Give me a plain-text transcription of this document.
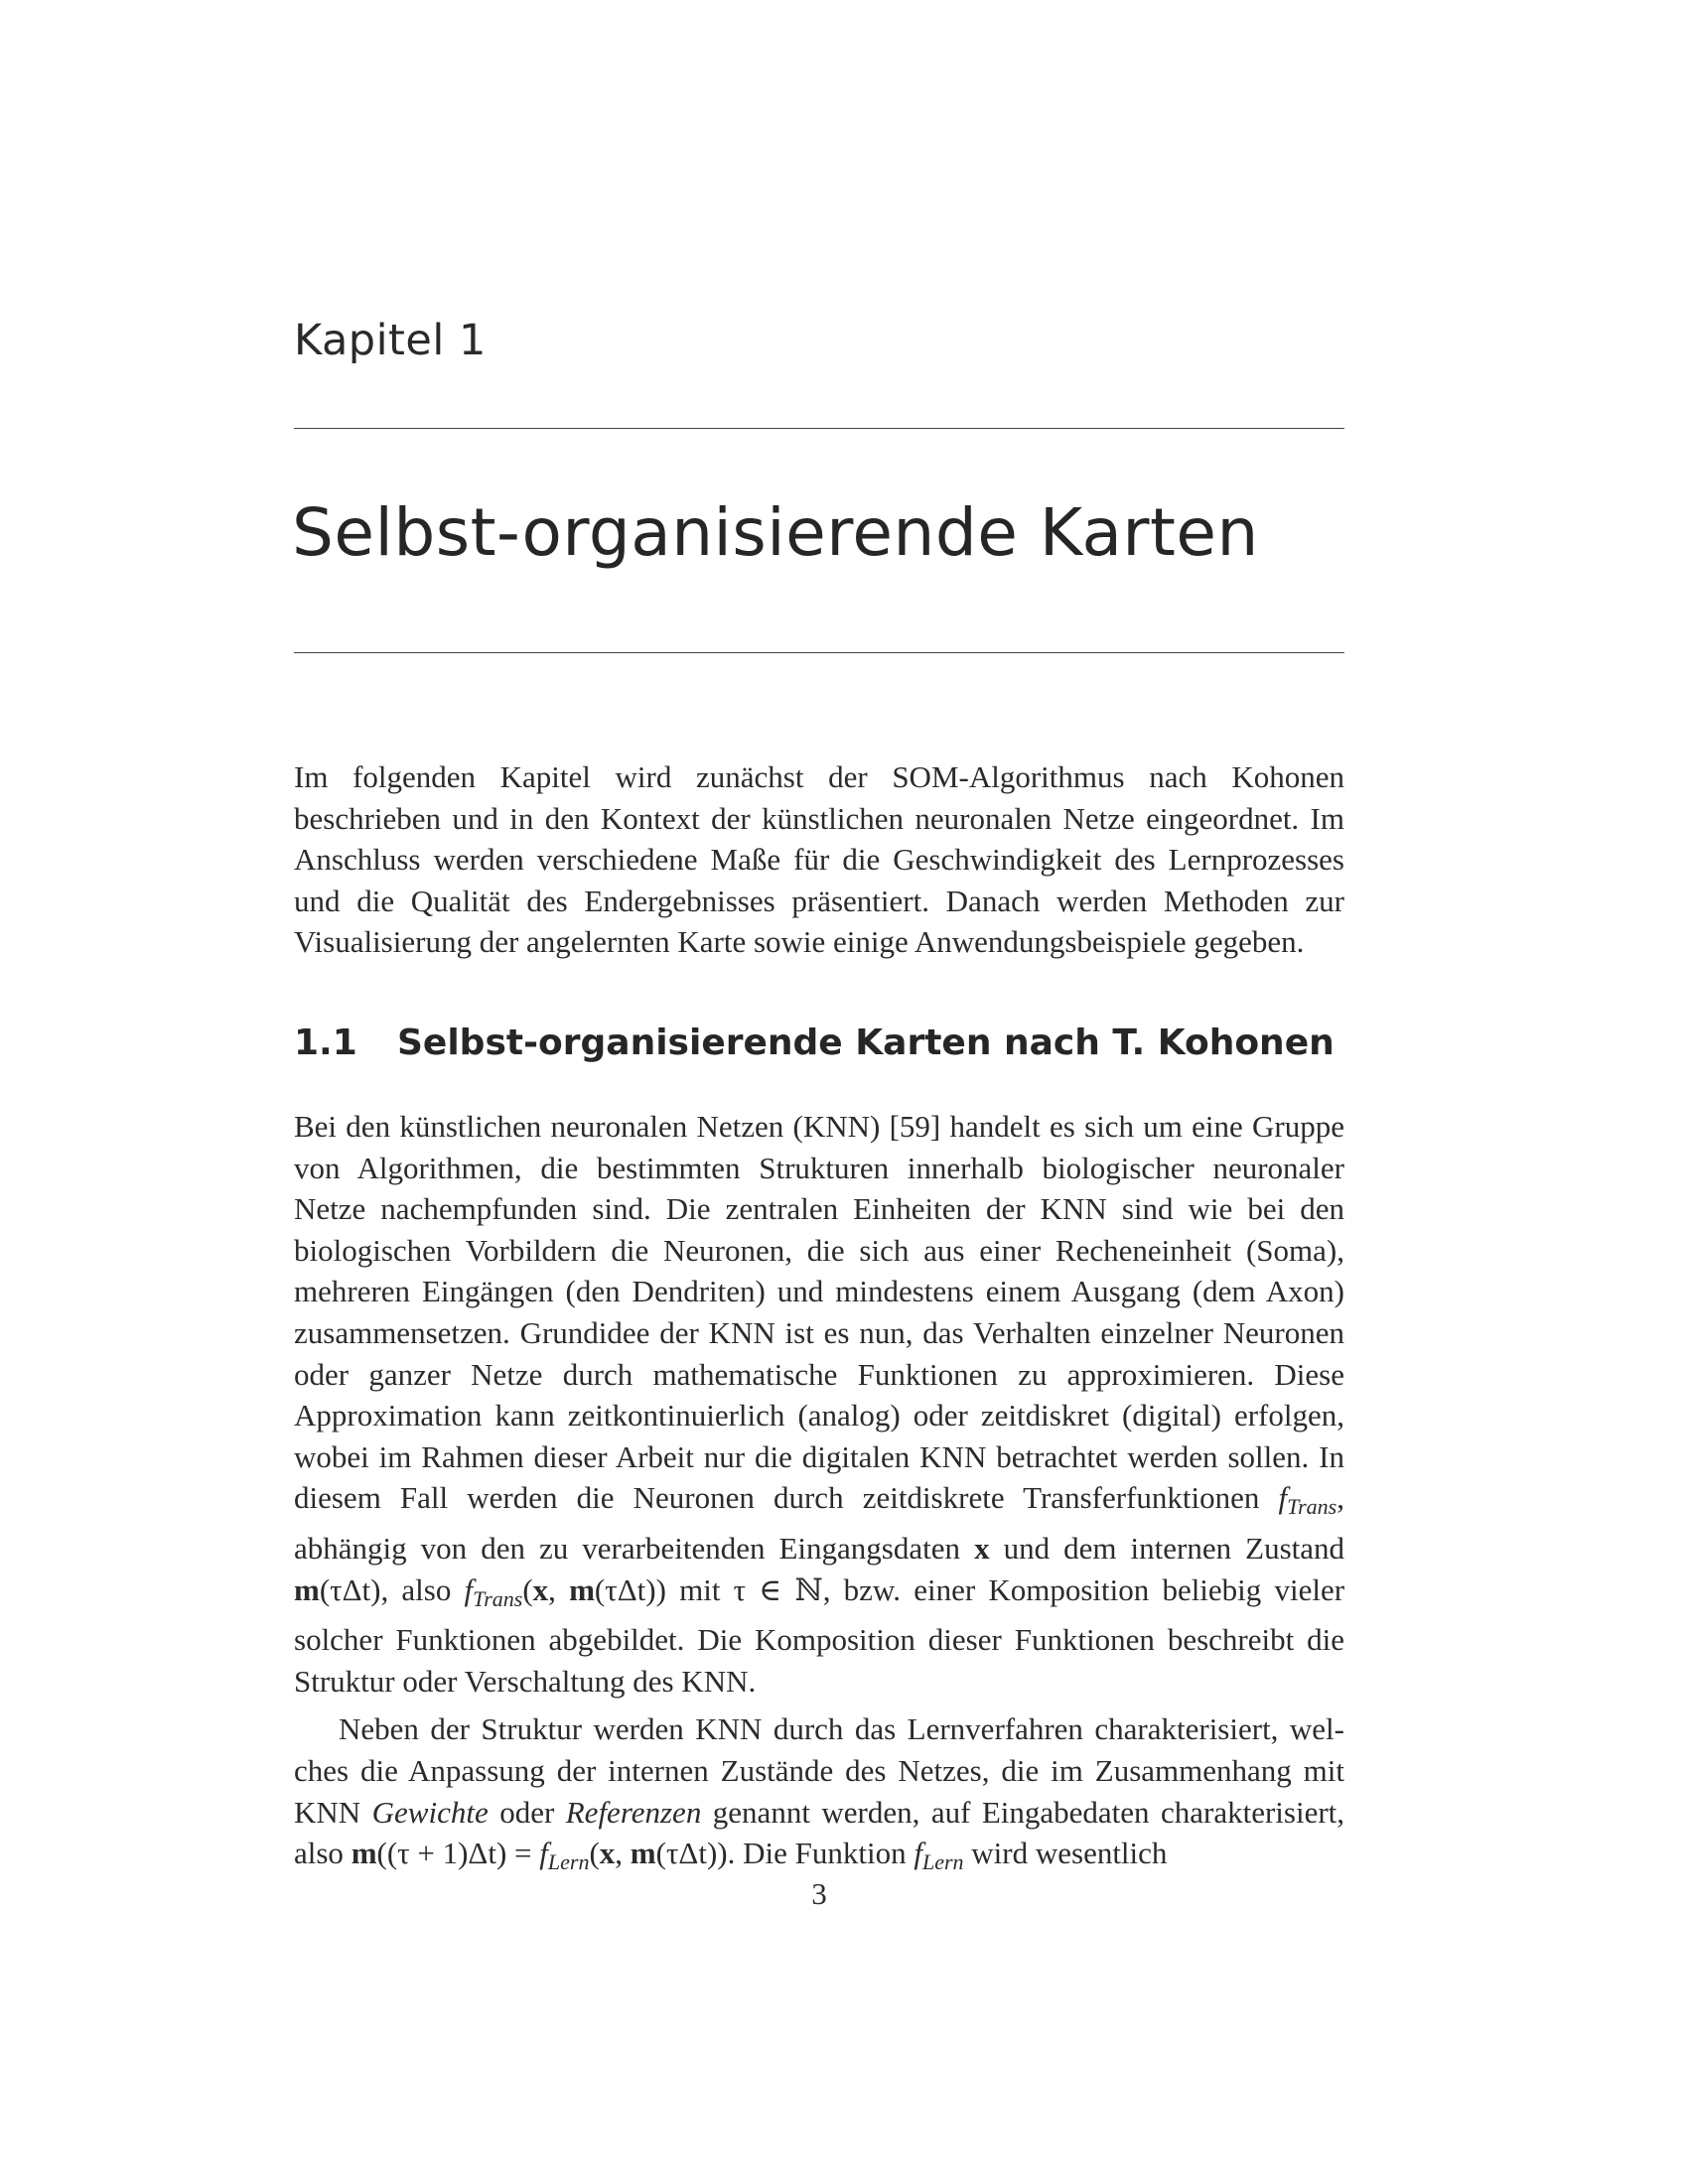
Kapitel 1
Selbst-organisierende Karten

Im folgenden Kapitel wird zunächst der SOM-Algorithmus nach Kohonen beschrieben und in den Kontext der künstlichen neuronalen Netze eingeordnet. Im Anschluss werden verschiedene Maße für die Geschwindigkeit des Lernprozesses und die Qualität des Endergebnisses präsentiert. Danach werden Methoden zur Visualisierung der angelernten Karte sowie einige Anwendungsbeispiele gegeben.

1.1 Selbst-organisierende Karten nach T. Kohonen

Bei den künstlichen neuronalen Netzen (KNN) [59] handelt es sich um eine Gruppe von Algorithmen, die bestimmten Strukturen innerhalb biologischer neuronaler Netze nachempfunden sind. Die zentralen Einheiten der KNN sind wie bei den biologischen Vorbildern die Neuronen, die sich aus einer Recheneinheit (Soma), mehreren Eingängen (den Dendriten) und mindestens einem Ausgang (dem Axon) zusammensetzen. Grundidee der KNN ist es nun, das Verhalten einzelner Neuronen oder ganzer Netze durch mathematische Funktionen zu approximieren. Diese Approximation kann zeitkontinuierlich (analog) oder zeitdiskret (digital) erfolgen, wobei im Rahmen dieser Arbeit nur die digitalen KNN betrachtet werden sollen. In diesem Fall werden die Neuronen durch zeitdiskrete Transferfunktionen fTrans, abhängig von den zu verarbeitenden Eingangsdaten x und dem internen Zustand m(τΔt), also fTrans(x, m(τΔt)) mit τ ∈ ℕ, bzw. einer Komposition beliebig vieler solcher Funktionen abgebildet. Die Komposition dieser Funktionen beschreibt die Struktur oder Verschaltung des KNN.

Neben der Struktur werden KNN durch das Lernverfahren charakterisiert, welches die Anpassung der internen Zustände des Netzes, die im Zusammenhang mit KNN Gewichte oder Referenzen genannt werden, auf Eingabedaten charakterisiert, also m((τ + 1)Δt) = fLern(x, m(τΔt)). Die Funktion fLern wird wesentlich

3
